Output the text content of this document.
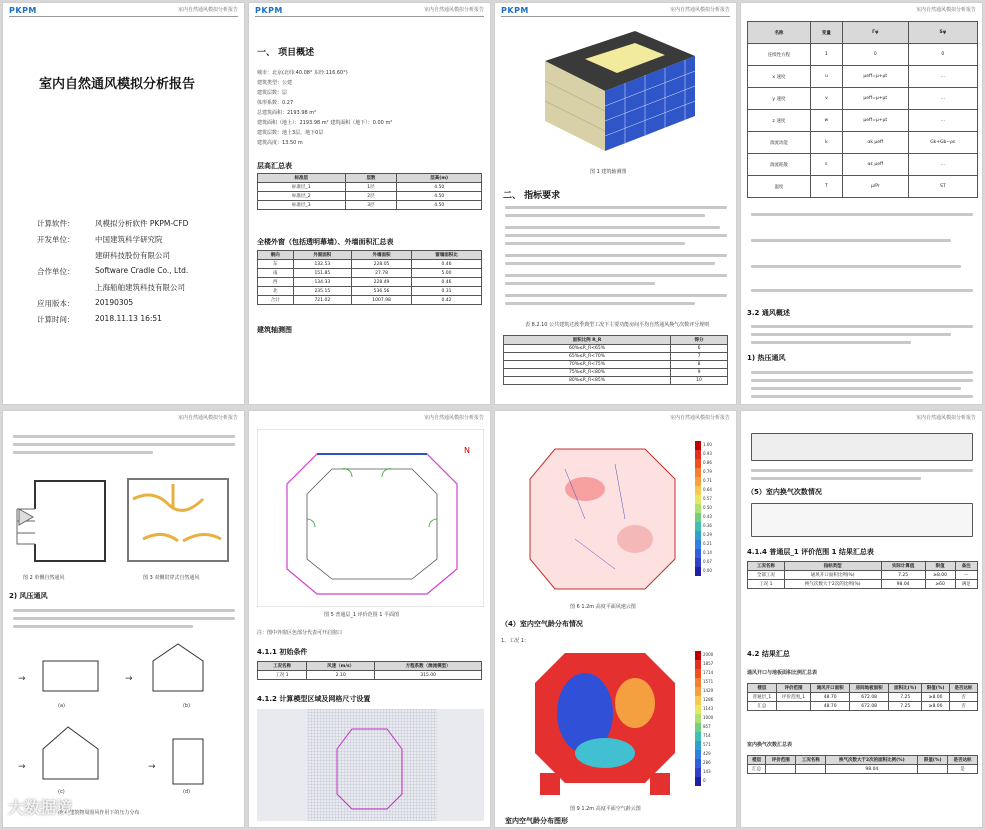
PKPM	室内自然通风模拟分析报告
室内自然通风模拟分析报告
计算软件：	风模拟分析软件 PKPM-CFD
开发单位：	中国建筑科学研究院
建研科技股份有限公司
合作单位：	Software Cradle Co., Ltd.
上海船舶建筑科技有限公司
应用版本：	20190305
计算时间：	2018.11.13 16:51
PKPM	室内自然通风模拟分析报告
一、 项目概述
城市：北京(北纬:40.08° 东经:116.60°)
建筑类型：公建
建筑层数：层
体形系数：0.27
总建筑面积：2193.98 m²
建筑面积（地上）：2193.98 m² 建筑面积（地下）：0.00 m²
建筑层数：地上3层，地下0层
建筑高度：13.50 m
层高汇总表
标准层	层数	层高(m)
标准层_1	1层	4.50
标准层_2	2层	4.50
标准层_3	3层	4.50
全楼外窗（包括透明幕墙）、外墙面积汇总表
朝向	外窗面积	外墙面积	窗墙面积比
东	132.53	228.05	0.46
南	151.85	27.78	5.00
西	134.33	228.49	0.46
北	235.15	536.56	0.31
合计	721.02	1007.98	0.42
建筑轴测图
PKPM	室内自然通风模拟分析报告
图 1 建筑轴测图
二、 指标要求
表 8.2.10 公共建筑过渡季典型工况下主要功能房间平均自然通风换气次数评分规则
面积比例 R_R	得分
60%≤R_R<65%	6
65%≤R_R<70%	7
70%≤R_R<75%	8
75%≤R_R<80%	9
80%≤R_R<85%	10
室内自然通风模拟分析报告
名称	变量	Γφ	Sφ
连续性方程	1	0	0
x 速度	u	μeff=μ+μt	...
y 速度	v	μeff=μ+μt	...
z 速度	w	μeff=μ+μt	...
湍流动能	k	αk μeff	Gk+Gb−ρε
湍流耗散	ε	αε μeff	...
温度	T	μ/Pr	ST
3.2 通风概述
1) 热压通风
室内自然通风模拟分析报告
图 2 单侧自然通风	图 3 双侧贯穿式自然通风
2) 风压通风
→	→
→	→
(a)	(b)
(c)	(d)
图 4 建筑物周围风作用下的压力分布
室内自然通风模拟分析报告
N
图 5 普通层_1 评价范围 1 平面图
注：图中外窗区色部分代表可开启窗口
4.1.1 初始条件
工况名称	风速（m/s）	方程系数（湍流模型）
工况 1	2.10	315.00
4.1.2 计算模型区域及网格尺寸设置
室内自然通风模拟分析报告
1.00
0.93
0.86
0.79
0.71
0.64
0.57
0.50
0.43
0.36
0.29
0.21
0.14
0.07
0.00
图 6 1.2m 高度平面风速云图
（4）室内空气龄分布情况
1、工况 1：
2000
1857
1714
1571
1429
1286
1143
1000
857
714
571
429
286
143
0
图 9 1.2m 高度平面空气龄云图
室内空气龄分布图形
室内自然通风模拟分析报告
（5）室内换气次数情况
4.1.4 普通层_1 评价范围 1 结果汇总表
工况名称	指标类型	实际计算值	限值	备注
全部工况	通风开口面积比例(%)	7.25	≥8.00	—
工况 1	换气次数大于2次的比例(%)	98.04	≥60	满足
4.2 结果汇总
通风开口与地板面积比例汇总表
楼层	评价范围	通风开口面积	房间地板面积	面积比(%)	限值(%)	是否达标
普通层_1	评价范围_1	48.70	672.08	7.25	≥8.00	否
汇总		48.70	672.08	7.25	≥8.00	否
室内换气次数汇总表
楼层	评价范围	工况名称	换气次数大于2次的面积比例(%)	限值(%)	是否达标
汇总			98.04		是
大数据境
